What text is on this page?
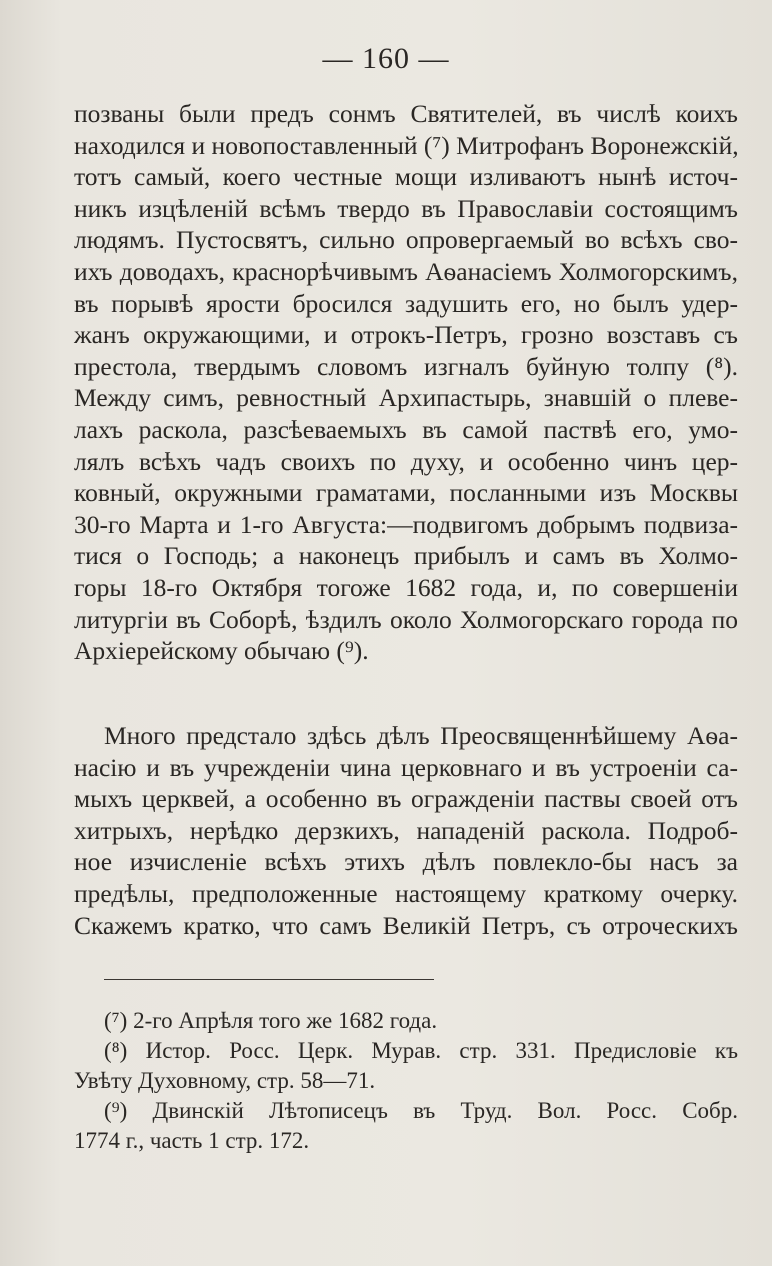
— 160 —
позваны были предъ сонмъ Святителей, въ числѣ коихъ
находился и новопоставленный (⁷) Митрофанъ Воронежскій,
тотъ самый, коего честные мощи изливаютъ нынѣ источ-
никъ изцѣленій всѣмъ твердо въ Православіи состоящимъ
людямъ. Пустосвятъ, сильно опровергаемый во всѣхъ сво-
ихъ доводахъ, краснорѣчивымъ Аѳанасіемъ Холмогорскимъ,
въ порывѣ ярости бросился задушить его, но былъ удер-
жанъ окружающими, и отрокъ-Петръ, грозно возставъ съ
престола, твердымъ словомъ изгналъ буйную толпу (⁸).
Между симъ, ревностный Архипастырь, знавшій о плеве-
лахъ раскола, разсѣеваемыхъ въ самой паствѣ его, умо-
лялъ всѣхъ чадъ своихъ по духу, и особенно чинъ цер-
ковный, окружными граматами, посланными изъ Москвы
30-го Марта и 1-го Августа:—подвигомъ добрымъ подвиза-
тися о Господь; а наконецъ прибылъ и самъ въ Холмо-
горы 18-го Октября тогоже 1682 года, и, по совершеніи
литургіи въ Соборѣ, ѣздилъ около Холмогорскаго города по
Архіерейскому обычаю (⁹).
Много предстало здѣсь дѣлъ Преосвященнѣйшему Аѳа-
насію и въ учрежденіи чина церковнаго и въ устроеніи са-
мыхъ церквей, а особенно въ огражденіи паствы своей отъ
хитрыхъ, нерѣдко дерзкихъ, нападеній раскола. Подроб-
ное изчисленіе всѣхъ этихъ дѣлъ повлекло-бы насъ за
предѣлы, предположенные настоящему краткому очерку.
Скажемъ кратко, что самъ Великій Петръ, съ отроческихъ
(⁷) 2-го Апрѣля того же 1682 года.
(⁸) Истор. Росс. Церк. Мурав. стр. 331. Предисловіе къ
Увѣту Духовному, стр. 58—71.
(⁹) Двинскій Лѣтописецъ въ Труд. Вол. Росс. Собр.
1774 г., часть 1 стр. 172.
